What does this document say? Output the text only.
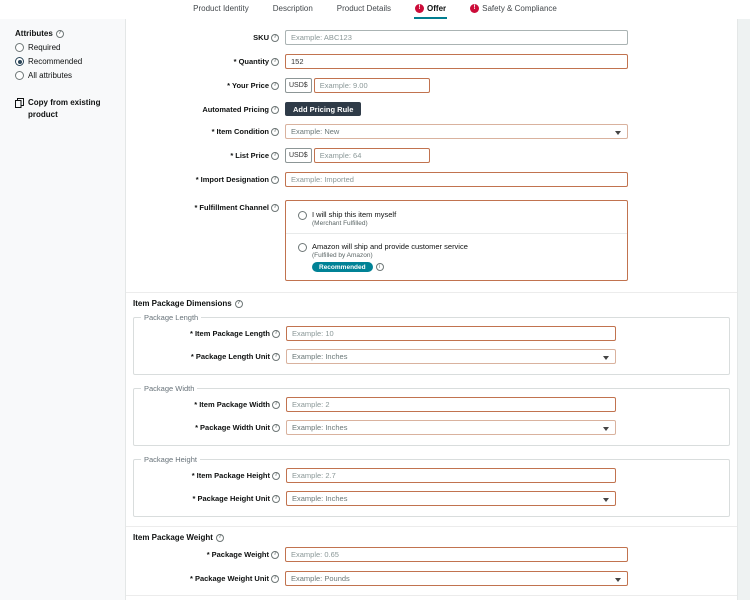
Product Identity	Description	Product Details	! Offer	! Safety & Compliance
Attributes ?
Required
Recommended
All attributes
Copy from existing product
SKU ?
Example: ABC123
* Quantity ?
152
* Your Price ?	USD$
Example: 9.00
Automated Pricing ?	Add Pricing Rule
* Item Condition ?	Example: New
* List Price ?	USD$
Example: 64
* Import Designation ?
Example: Imported
* Fulfillment Channel ?
I will ship this item myself
(Merchant Fulfilled)
Amazon will ship and provide customer service
(Fulfilled by Amazon)
Recommended	i
Item Package Dimensions ?
Package Length
* Item Package Length ?
Example: 10
* Package Length Unit ?	Example: Inches
Package Width
* Item Package Width ?
Example: 2
* Package Width Unit ?	Example: Inches
Package Height
* Item Package Height ?
Example: 2.7
* Package Height Unit ?	Example: Inches
Item Package Weight ?
* Package Weight ?
Example: 0.65
* Package Weight Unit ?	Example: Pounds
